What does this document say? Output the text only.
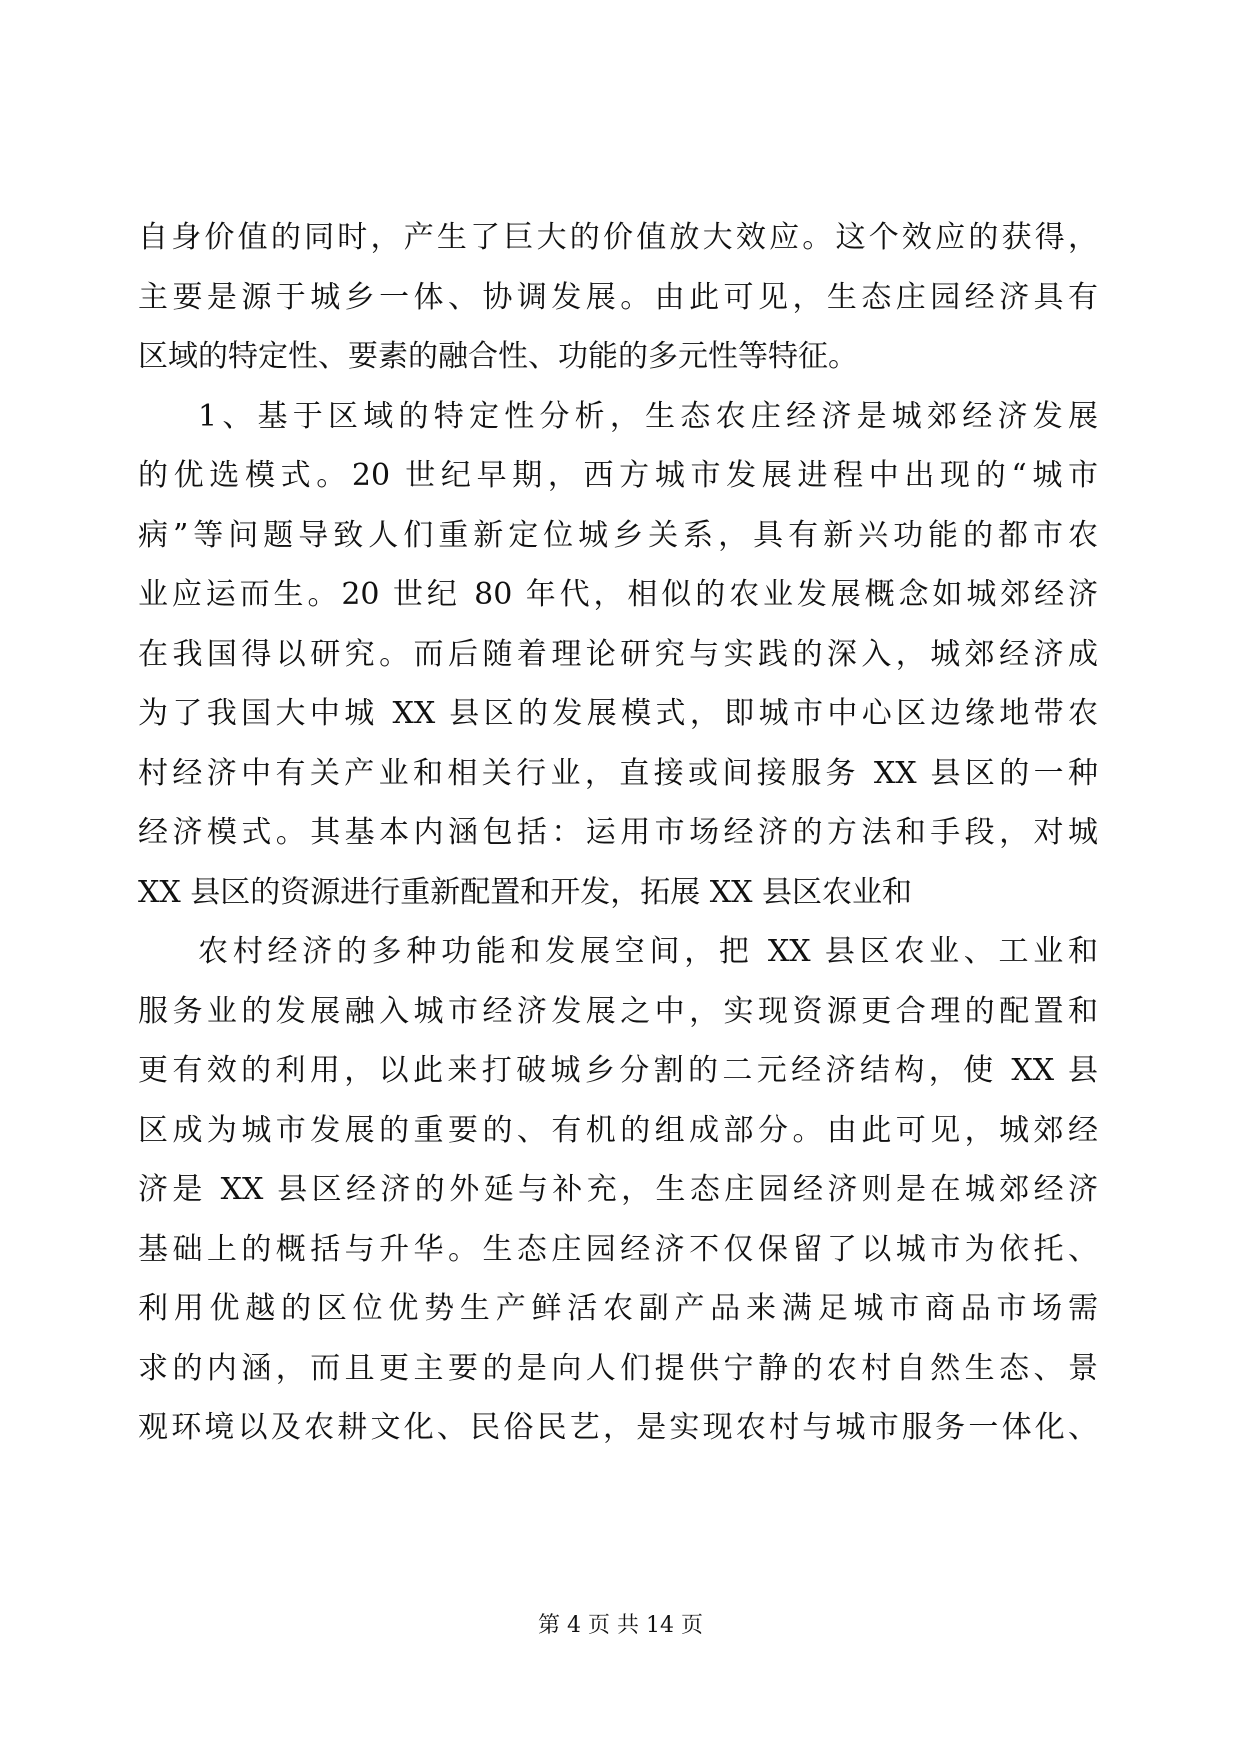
自身价值的同时，产生了巨大的价值放大效应。这个效应的获得，
主要是源于城乡一体、协调发展。由此可见，生态庄园经济具有
区域的特定性、要素的融合性、功能的多元性等特征。
1、基于区域的特定性分析，生态农庄经济是城郊经济发展
的优选模式。20 世纪早期，西方城市发展进程中出现的“城市
病”等问题导致人们重新定位城乡关系，具有新兴功能的都市农
业应运而生。20 世纪 80 年代，相似的农业发展概念如城郊经济
在我国得以研究。而后随着理论研究与实践的深入，城郊经济成
为了我国大中城 XX 县区的发展模式，即城市中心区边缘地带农
村经济中有关产业和相关行业，直接或间接服务 XX 县区的一种
经济模式。其基本内涵包括：运用市场经济的方法和手段，对城
XX 县区的资源进行重新配置和开发，拓展 XX 县区农业和
农村经济的多种功能和发展空间，把 XX 县区农业、工业和
服务业的发展融入城市经济发展之中，实现资源更合理的配置和
更有效的利用，以此来打破城乡分割的二元经济结构，使 XX 县
区成为城市发展的重要的、有机的组成部分。由此可见，城郊经
济是 XX 县区经济的外延与补充，生态庄园经济则是在城郊经济
基础上的概括与升华。生态庄园经济不仅保留了以城市为依托、
利用优越的区位优势生产鲜活农副产品来满足城市商品市场需
求的内涵，而且更主要的是向人们提供宁静的农村自然生态、景
观环境以及农耕文化、民俗民艺，是实现农村与城市服务一体化、
第 4 页 共 14 页
